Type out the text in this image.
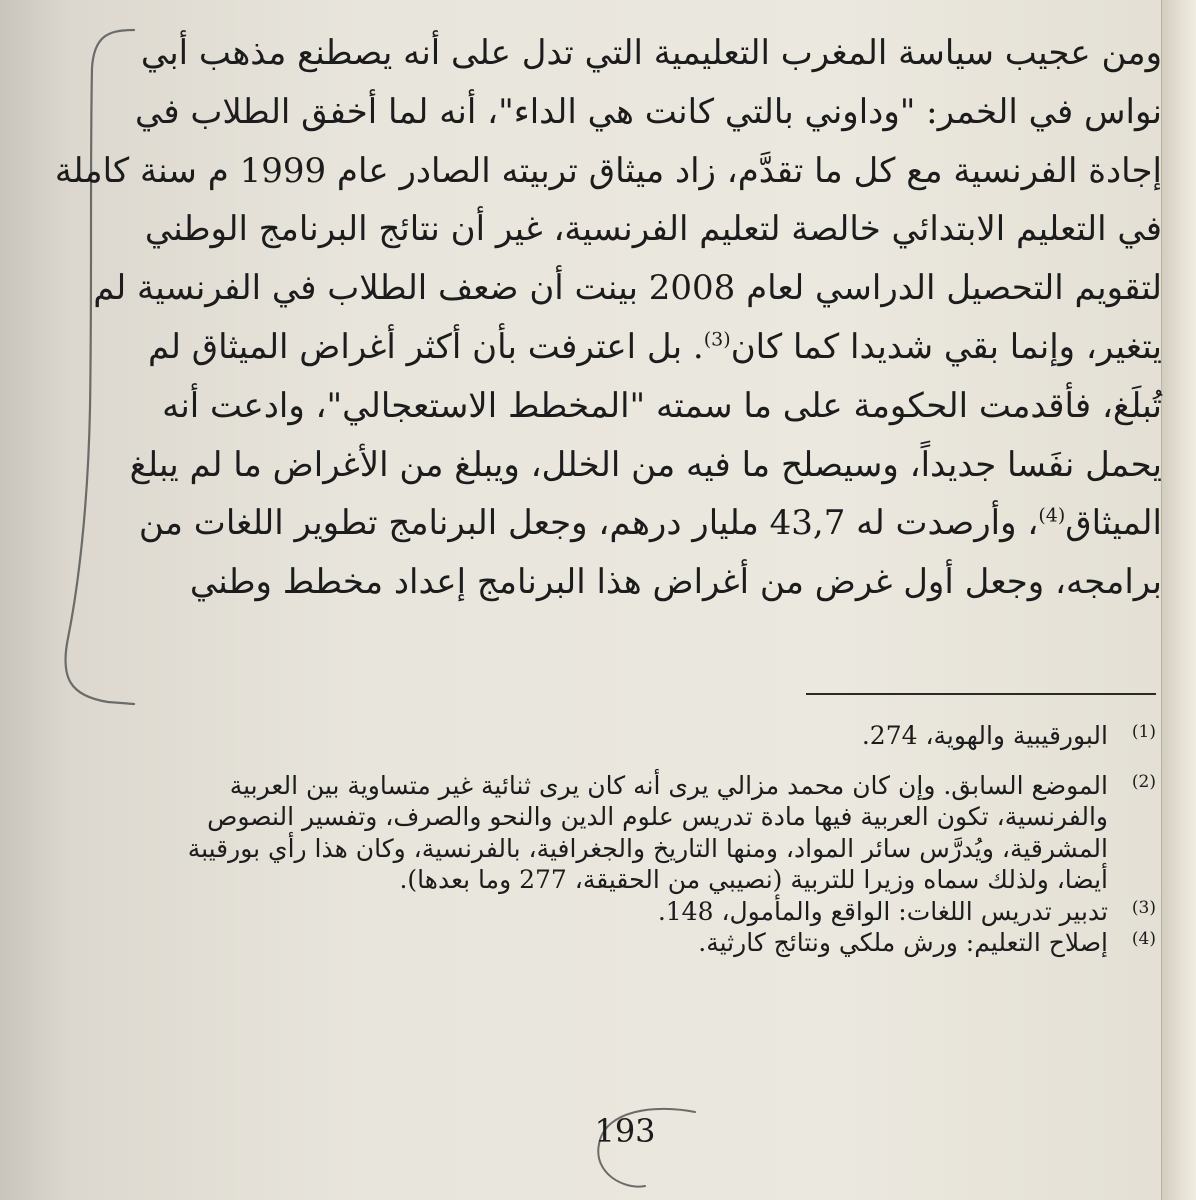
ومن عجيب سياسة المغرب التعليمية التي تدل على أنه يصطنع مذهب أبي
نواس في الخمر: "وداوني بالتي كانت هي الداء"، أنه لما أخفق الطلاب في
إجادة الفرنسية مع كل ما تقدَّم، زاد ميثاق تربيته الصادر عام 1999 م سنة كاملة
في التعليم الابتدائي خالصة لتعليم الفرنسية، غير أن نتائج البرنامج الوطني
لتقويم التحصيل الدراسي لعام 2008 بينت أن ضعف الطلاب في الفرنسية لم
يتغير، وإنما بقي شديدا كما كان$^{(3)}$. بل اعترفت بأن أكثر أغراض الميثاق لم
تُبلَغ، فأقدمت الحكومة على ما سمته "المخطط الاستعجالي"، وادعت أنه
يحمل نفَسا جديداً، وسيصلح ما فيه من الخلل، ويبلغ من الأغراض ما لم يبلغ
الميثاق$^{(4)}$، وأرصدت له 43,7 مليار درهم، وجعل البرنامج تطوير اللغات من
برامجه، وجعل أول غرض من أغراض هذا البرنامج إعداد مخطط وطني
(1)
البورقيبية والهوية، 274.
(2)
الموضع السابق. وإن كان محمد مزالي يرى أنه كان يرى ثنائية غير متساوية بين العربية
والفرنسية، تكون العربية فيها مادة تدريس علوم الدين والنحو والصرف، وتفسير النصوص
المشرقية، ويُدرَّس سائر المواد، ومنها التاريخ والجغرافية، بالفرنسية، وكان هذا رأي بورقيبة
أيضا، ولذلك سماه وزيرا للتربية (نصيبي من الحقيقة، 277 وما بعدها).
(3)
تدبير تدريس اللغات: الواقع والمأمول، 148.
(4)
إصلاح التعليم: ورش ملكي ونتائج كارثية.
193
